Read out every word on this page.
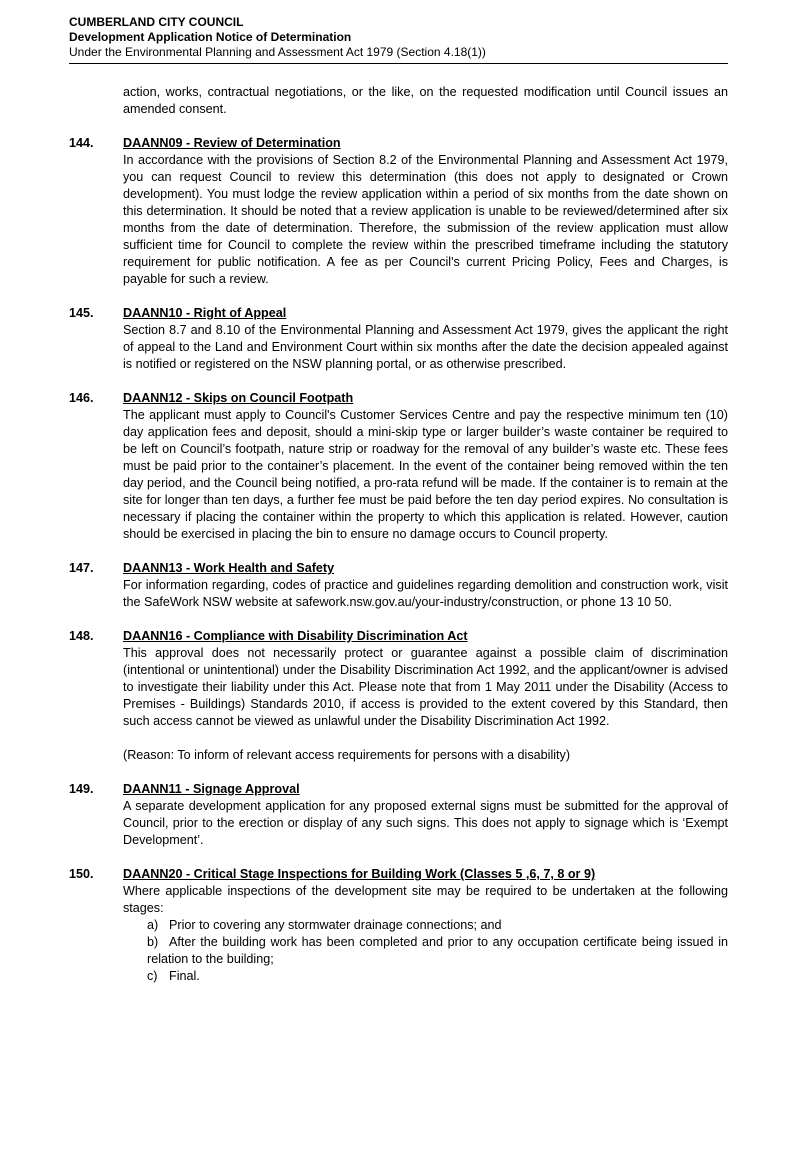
CUMBERLAND CITY COUNCIL
Development Application Notice of Determination
Under the Environmental Planning and Assessment Act 1979 (Section 4.18(1))
action, works, contractual negotiations, or the like, on the requested modification until Council issues an amended consent.
144. DAANN09 - Review of Determination
In accordance with the provisions of Section 8.2 of the Environmental Planning and Assessment Act 1979, you can request Council to review this determination (this does not apply to designated or Crown development). You must lodge the review application within a period of six months from the date shown on this determination. It should be noted that a review application is unable to be reviewed/determined after six months from the date of determination. Therefore, the submission of the review application must allow sufficient time for Council to complete the review within the prescribed timeframe including the statutory requirement for public notification. A fee as per Council's current Pricing Policy, Fees and Charges, is payable for such a review.
145. DAANN10 - Right of Appeal
Section 8.7 and 8.10 of the Environmental Planning and Assessment Act 1979, gives the applicant the right of appeal to the Land and Environment Court within six months after the date the decision appealed against is notified or registered on the NSW planning portal, or as otherwise prescribed.
146. DAANN12 - Skips on Council Footpath
The applicant must apply to Council's Customer Services Centre and pay the respective minimum ten (10) day application fees and deposit, should a mini-skip type or larger builder’s waste container be required to be left on Council’s footpath, nature strip or roadway for the removal of any builder’s waste etc. These fees must be paid prior to the container’s placement. In the event of the container being removed within the ten day period, and the Council being notified, a pro-rata refund will be made. If the container is to remain at the site for longer than ten days, a further fee must be paid before the ten day period expires. No consultation is necessary if placing the container within the property to which this application is related. However, caution should be exercised in placing the bin to ensure no damage occurs to Council property.
147. DAANN13 - Work Health and Safety
For information regarding, codes of practice and guidelines regarding demolition and construction work, visit the SafeWork NSW website at safework.nsw.gov.au/your-industry/construction, or phone 13 10 50.
148. DAANN16 - Compliance with Disability Discrimination Act
This approval does not necessarily protect or guarantee against a possible claim of discrimination (intentional or unintentional) under the Disability Discrimination Act 1992, and the applicant/owner is advised to investigate their liability under this Act. Please note that from 1 May 2011 under the Disability (Access to Premises - Buildings) Standards 2010, if access is provided to the extent covered by this Standard, then such access cannot be viewed as unlawful under the Disability Discrimination Act 1992.
(Reason: To inform of relevant access requirements for persons with a disability)
149. DAANN11 - Signage Approval
A separate development application for any proposed external signs must be submitted for the approval of Council, prior to the erection or display of any such signs. This does not apply to signage which is ‘Exempt Development’.
150. DAANN20 - Critical Stage Inspections for Building Work (Classes 5 ,6, 7, 8 or 9)
Where applicable inspections of the development site may be required to be undertaken at the following stages:
a) Prior to covering any stormwater drainage connections; and
b) After the building work has been completed and prior to any occupation certificate being issued in relation to the building;
c) Final.
